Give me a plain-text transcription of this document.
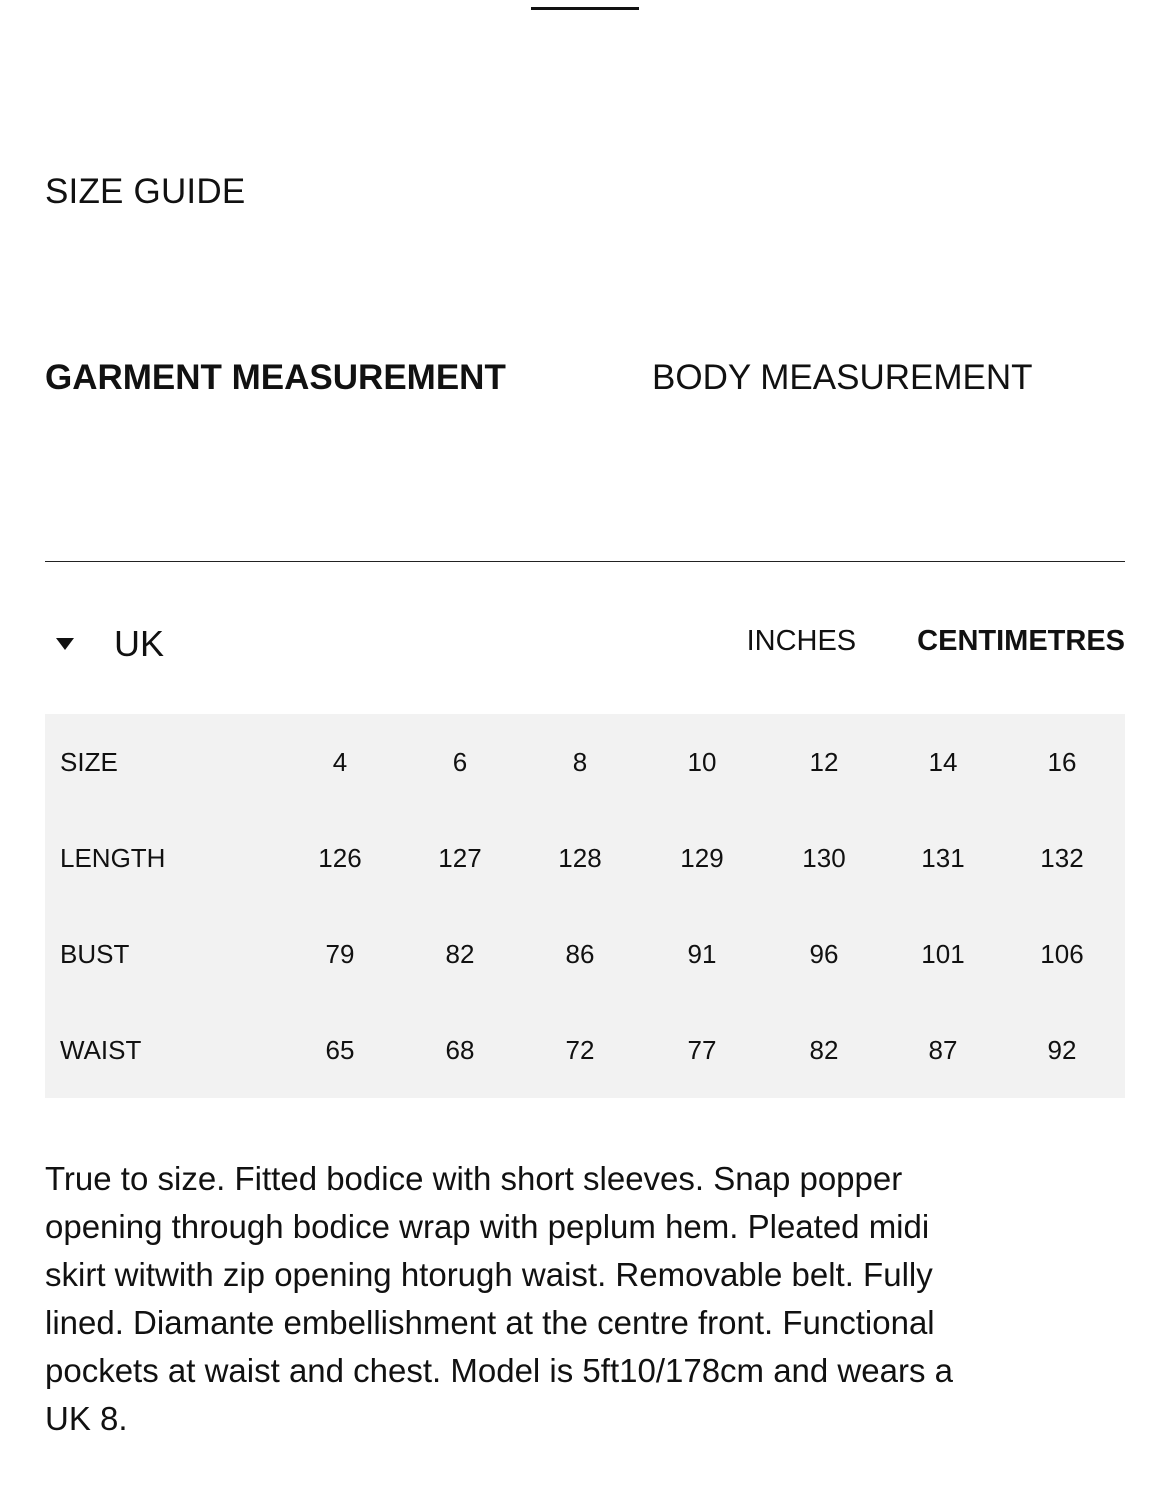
SIZE GUIDE
GARMENT MEASUREMENT	BODY MEASUREMENT
UK	INCHES CENTIMETRES
SIZE	4	6	8	10	12	14	16
LENGTH	126	127	128	129	130	131	132
BUST	79	82	86	91	96	101	106
WAIST	65	68	72	77	82	87	92

True to size. Fitted bodice with short sleeves. Snap popper opening through bodice wrap with peplum hem. Pleated midi skirt witwith zip opening htorugh waist. Removable belt. Fully lined. Diamante embellishment at the centre front. Functional pockets at waist and chest. Model is 5ft10/178cm and wears a UK 8.
